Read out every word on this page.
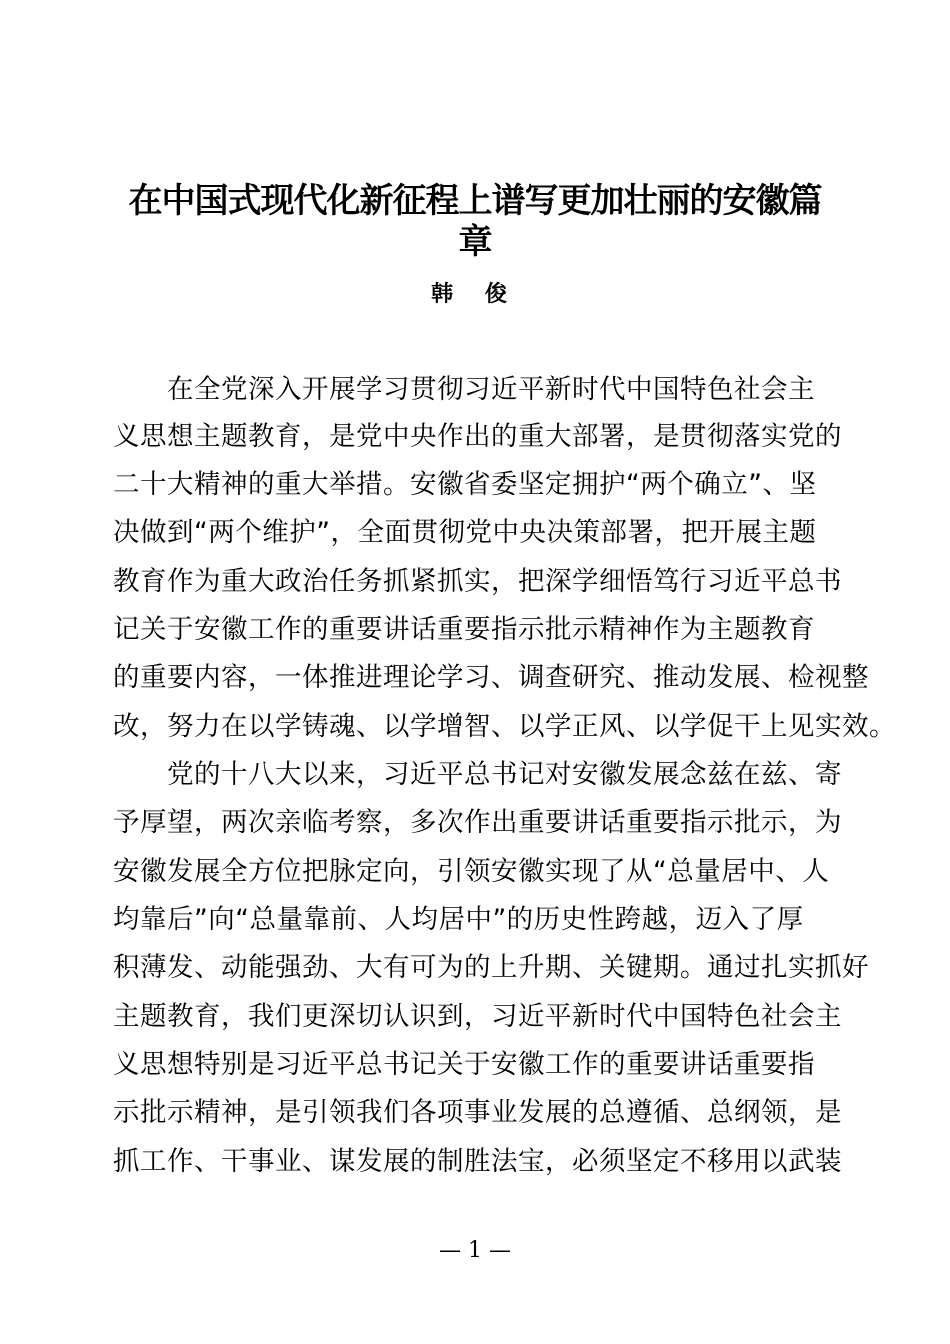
在中国式现代化新征程上谱写更加壮丽的安徽篇
章
韩 俊
　　在全党深入开展学习贯彻习近平新时代中国特色社会主
义思想主题教育，是党中央作出的重大部署，是贯彻落实党的
二十大精神的重大举措。安徽省委坚定拥护“两个确立”、坚
决做到“两个维护”，全面贯彻党中央决策部署，把开展主题
教育作为重大政治任务抓紧抓实，把深学细悟笃行习近平总书
记关于安徽工作的重要讲话重要指示批示精神作为主题教育
的重要内容，一体推进理论学习、调查研究、推动发展、检视整
改，努力在以学铸魂、以学增智、以学正风、以学促干上见实效。
　　党的十八大以来，习近平总书记对安徽发展念兹在兹、寄
予厚望，两次亲临考察，多次作出重要讲话重要指示批示，为
安徽发展全方位把脉定向，引领安徽实现了从“总量居中、人
均靠后”向“总量靠前、人均居中”的历史性跨越，迈入了厚
积薄发、动能强劲、大有可为的上升期、关键期。通过扎实抓好
主题教育，我们更深切认识到，习近平新时代中国特色社会主
义思想特别是习近平总书记关于安徽工作的重要讲话重要指
示批示精神，是引领我们各项事业发展的总遵循、总纲领，是
抓工作、干事业、谋发展的制胜法宝，必须坚定不移用以武装
— 1 —
